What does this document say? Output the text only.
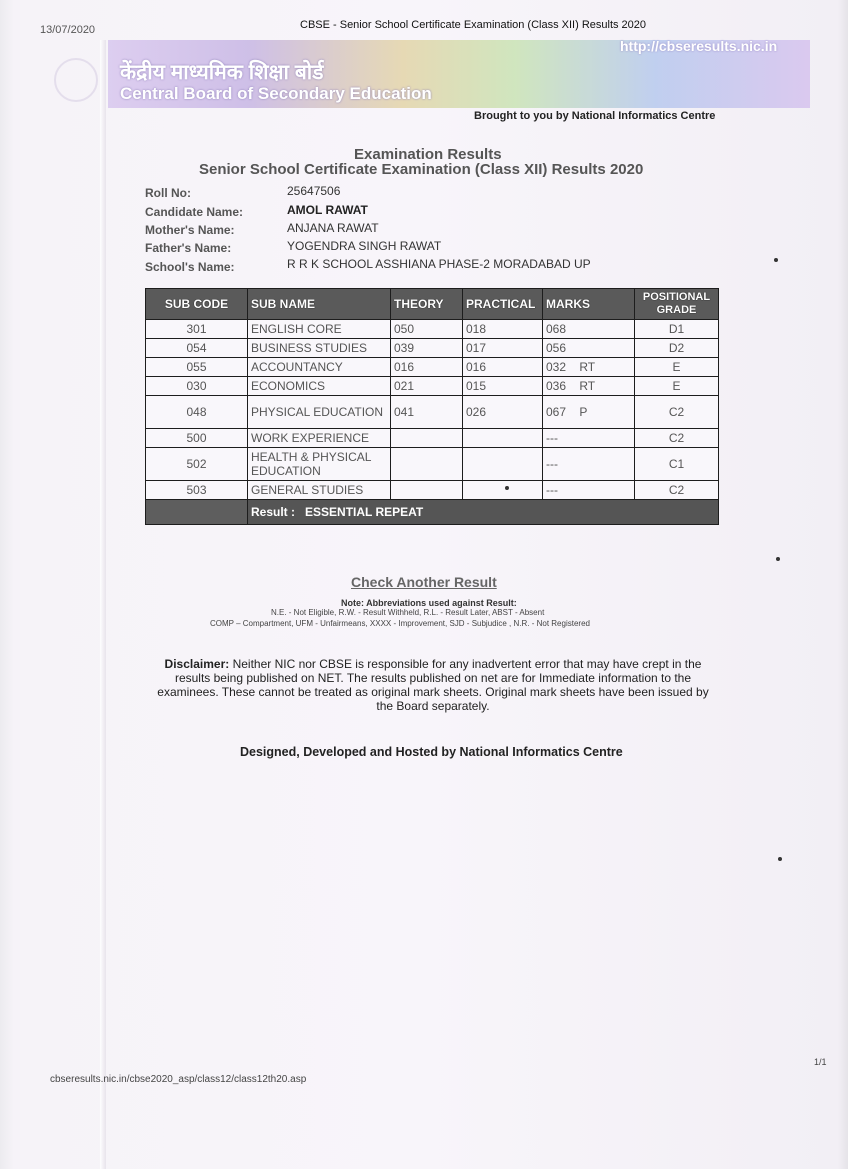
13/07/2020	CBSE - Senior School Certificate Examination (Class XII) Results 2020
http://cbseresults.nic.in
केंद्रीय माध्यमिक शिक्षा बोर्ड
Central Board of Secondary Education
Brought to you by National Informatics Centre
Examination Results
Senior School Certificate Examination (Class XII) Results 2020
Roll No:	25647506
Candidate Name:	AMOL RAWAT
Mother's Name:	ANJANA RAWAT
Father's Name:	YOGENDRA SINGH RAWAT
School's Name:	R R K SCHOOL ASSHIANA PHASE-2 MORADABAD UP
SUB CODE	SUB NAME	THEORY	PRACTICAL	MARKS	POSITIONAL GRADE
301	ENGLISH CORE	050	018	068	D1
054	BUSINESS STUDIES	039	017	056	D2
055	ACCOUNTANCY	016	016	032    RT	E
030	ECONOMICS	021	015	036    RT	E
048	PHYSICAL EDUCATION	041	026	067    P	C2
500	WORK EXPERIENCE			---	C2
502	HEALTH & PHYSICAL EDUCATION			---	C1
503	GENERAL STUDIES			---	C2
	Result :   ESSENTIAL REPEAT				
Check Another Result
Note: Abbreviations used against Result:
N.E. - Not Eligible, R.W. - Result Withheld, R.L. - Result Later, ABST - Absent
COMP – Compartment, UFM - Unfairmeans, XXXX - Improvement, SJD - Subjudice , N.R. - Not Registered
Disclaimer: Neither NIC nor CBSE is responsible for any inadvertent error that may have crept in the results being published on NET. The results published on net are for Immediate information to the examinees. These cannot be treated as original mark sheets. Original mark sheets have been issued by the Board separately.
Designed, Developed and Hosted by National Informatics Centre
1/1
cbseresults.nic.in/cbse2020_asp/class12/class12th20.asp
